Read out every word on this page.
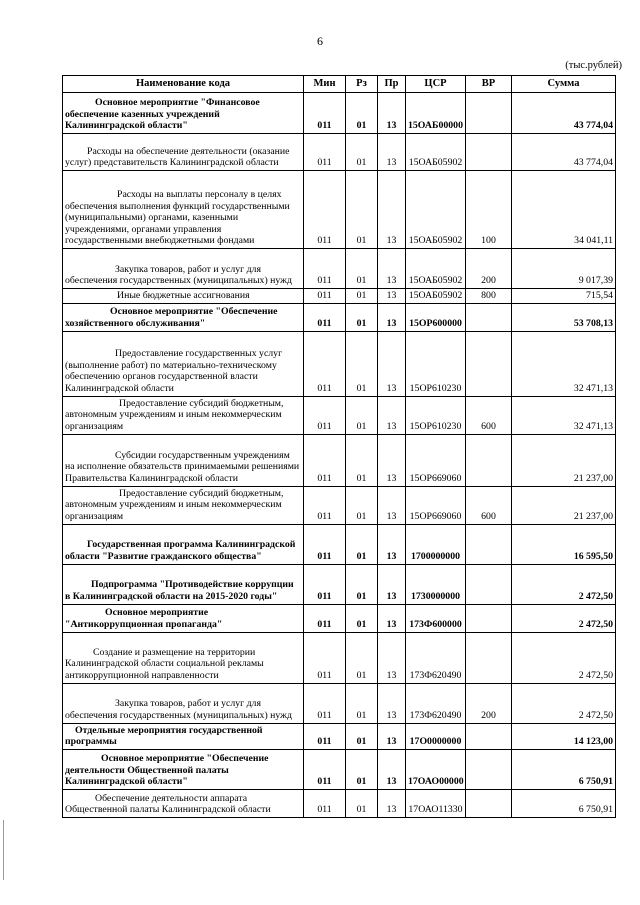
6
(тыс.рублей)
Наименование кода	Мин	Рз	Пр	ЦСР	ВР	Сумма
Основное мероприятие "Финансовое обеспечение казенных учреждений Калининградской области"	011	01	13	15ОАБ00000		43 774,04
Расходы на обеспечение деятельности (оказание услуг) представительств Калининградской области	011	01	13	15ОАБ05902		43 774,04
Расходы на выплаты персоналу в целях обеспечения выполнения функций государственными (муниципальными) органами, казенными учреждениями, органами управления государственными внебюджетными фондами	011	01	13	15ОАБ05902	100	34 041,11
Закупка товаров, работ и услуг для обеспечения государственных (муниципальных) нужд	011	01	13	15ОАБ05902	200	9 017,39
Иные бюджетные ассигнования	011	01	13	15ОАБ05902	800	715,54
Основное мероприятие "Обеспечение хозяйственного обслуживания"	011	01	13	15ОР600000		53 708,13
Предоставление государственных услуг (выполнение работ) по материально-техническому обеспечению органов государственной власти Калининградской области	011	01	13	15ОР610230		32 471,13
Предоставление субсидий бюджетным, автономным учреждениям и иным некоммерческим организациям	011	01	13	15ОР610230	600	32 471,13
Субсидии государственным учреждениям на исполнение обязательств принимаемыми решениями Правительства Калининградской области	011	01	13	15ОР669060		21 237,00
Предоставление субсидий бюджетным, автономным учреждениям и иным некоммерческим организациям	011	01	13	15ОР669060	600	21 237,00
Государственная программа Калининградской области "Развитие гражданского общества"	011	01	13	1700000000		16 595,50
Подпрограмма "Противодействие коррупции в Калининградской области на 2015-2020 годы"	011	01	13	1730000000		2 472,50
Основное мероприятие "Антикоррупционная пропаганда"	011	01	13	173Ф600000		2 472,50
Создание и размещение на территории Калининградской области социальной рекламы антикоррупционной направленности	011	01	13	173Ф620490		2 472,50
Закупка товаров, работ и услуг для обеспечения государственных (муниципальных) нужд	011	01	13	173Ф620490	200	2 472,50
Отдельные мероприятия государственной программы	011	01	13	17О0000000		14 123,00
Основное мероприятие "Обеспечение деятельности Общественной палаты Калининградской области"	011	01	13	17ОАО00000		6 750,91
Обеспечение деятельности аппарата Общественной палаты Калининградской области	011	01	13	17ОАО11330		6 750,91
